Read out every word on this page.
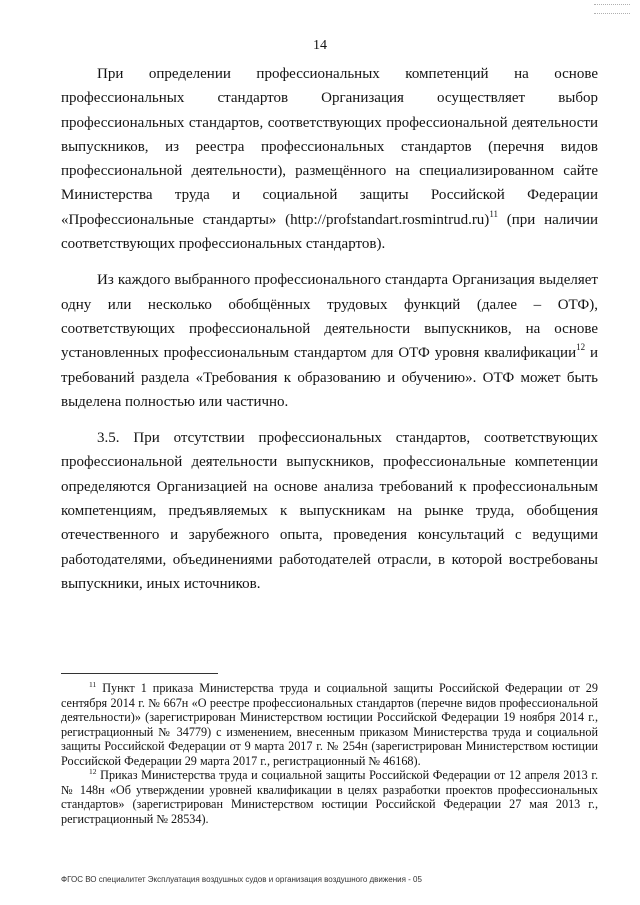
14

При определении профессиональных компетенций на основе профессиональных стандартов Организация осуществляет выбор профессиональных стандартов, соответствующих профессиональной деятельности выпускников, из реестра профессиональных стандартов (перечня видов профессиональной деятельности), размещённого на специализированном сайте Министерства труда и социальной защиты Российской Федерации «Профессиональные стандарты» (http://profstandart.rosmintrud.ru)$^{11}$ (при наличии соответствующих профессиональных стандартов).

Из каждого выбранного профессионального стандарта Организация выделяет одну или несколько обобщённых трудовых функций (далее – ОТФ), соответствующих профессиональной деятельности выпускников, на основе установленных профессиональным стандартом для ОТФ уровня квалификации$^{12}$ и требований раздела «Требования к образованию и обучению». ОТФ может быть выделена полностью или частично.

3.5. При отсутствии профессиональных стандартов, соответствующих профессиональной деятельности выпускников, профессиональные компетенции определяются Организацией на основе анализа требований к профессиональным компетенциям, предъявляемых к выпускникам на рынке труда, обобщения отечественного и зарубежного опыта, проведения консультаций с ведущими работодателями, объединениями работодателей отрасли, в которой востребованы выпускники, иных источников.

$^{11}$ Пункт 1 приказа Министерства труда и социальной защиты Российской Федерации от 29 сентября 2014 г. № 667н «О реестре профессиональных стандартов (перечне видов профессиональной деятельности)» (зарегистрирован Министерством юстиции Российской Федерации 19 ноября 2014 г., регистрационный № 34779) с изменением, внесенным приказом Министерства труда и социальной защиты Российской Федерации от 9 марта 2017 г. № 254н (зарегистрирован Министерством юстиции Российской Федерации 29 марта 2017 г., регистрационный № 46168).

$^{12}$ Приказ Министерства труда и социальной защиты Российской Федерации от 12 апреля 2013 г. № 148н «Об утверждении уровней квалификации в целях разработки проектов профессиональных стандартов» (зарегистрирован Министерством юстиции Российской Федерации 27 мая 2013 г., регистрационный № 28534).

ФГОС ВО специалитет Эксплуатация воздушных судов и организация воздушного движения - 05
